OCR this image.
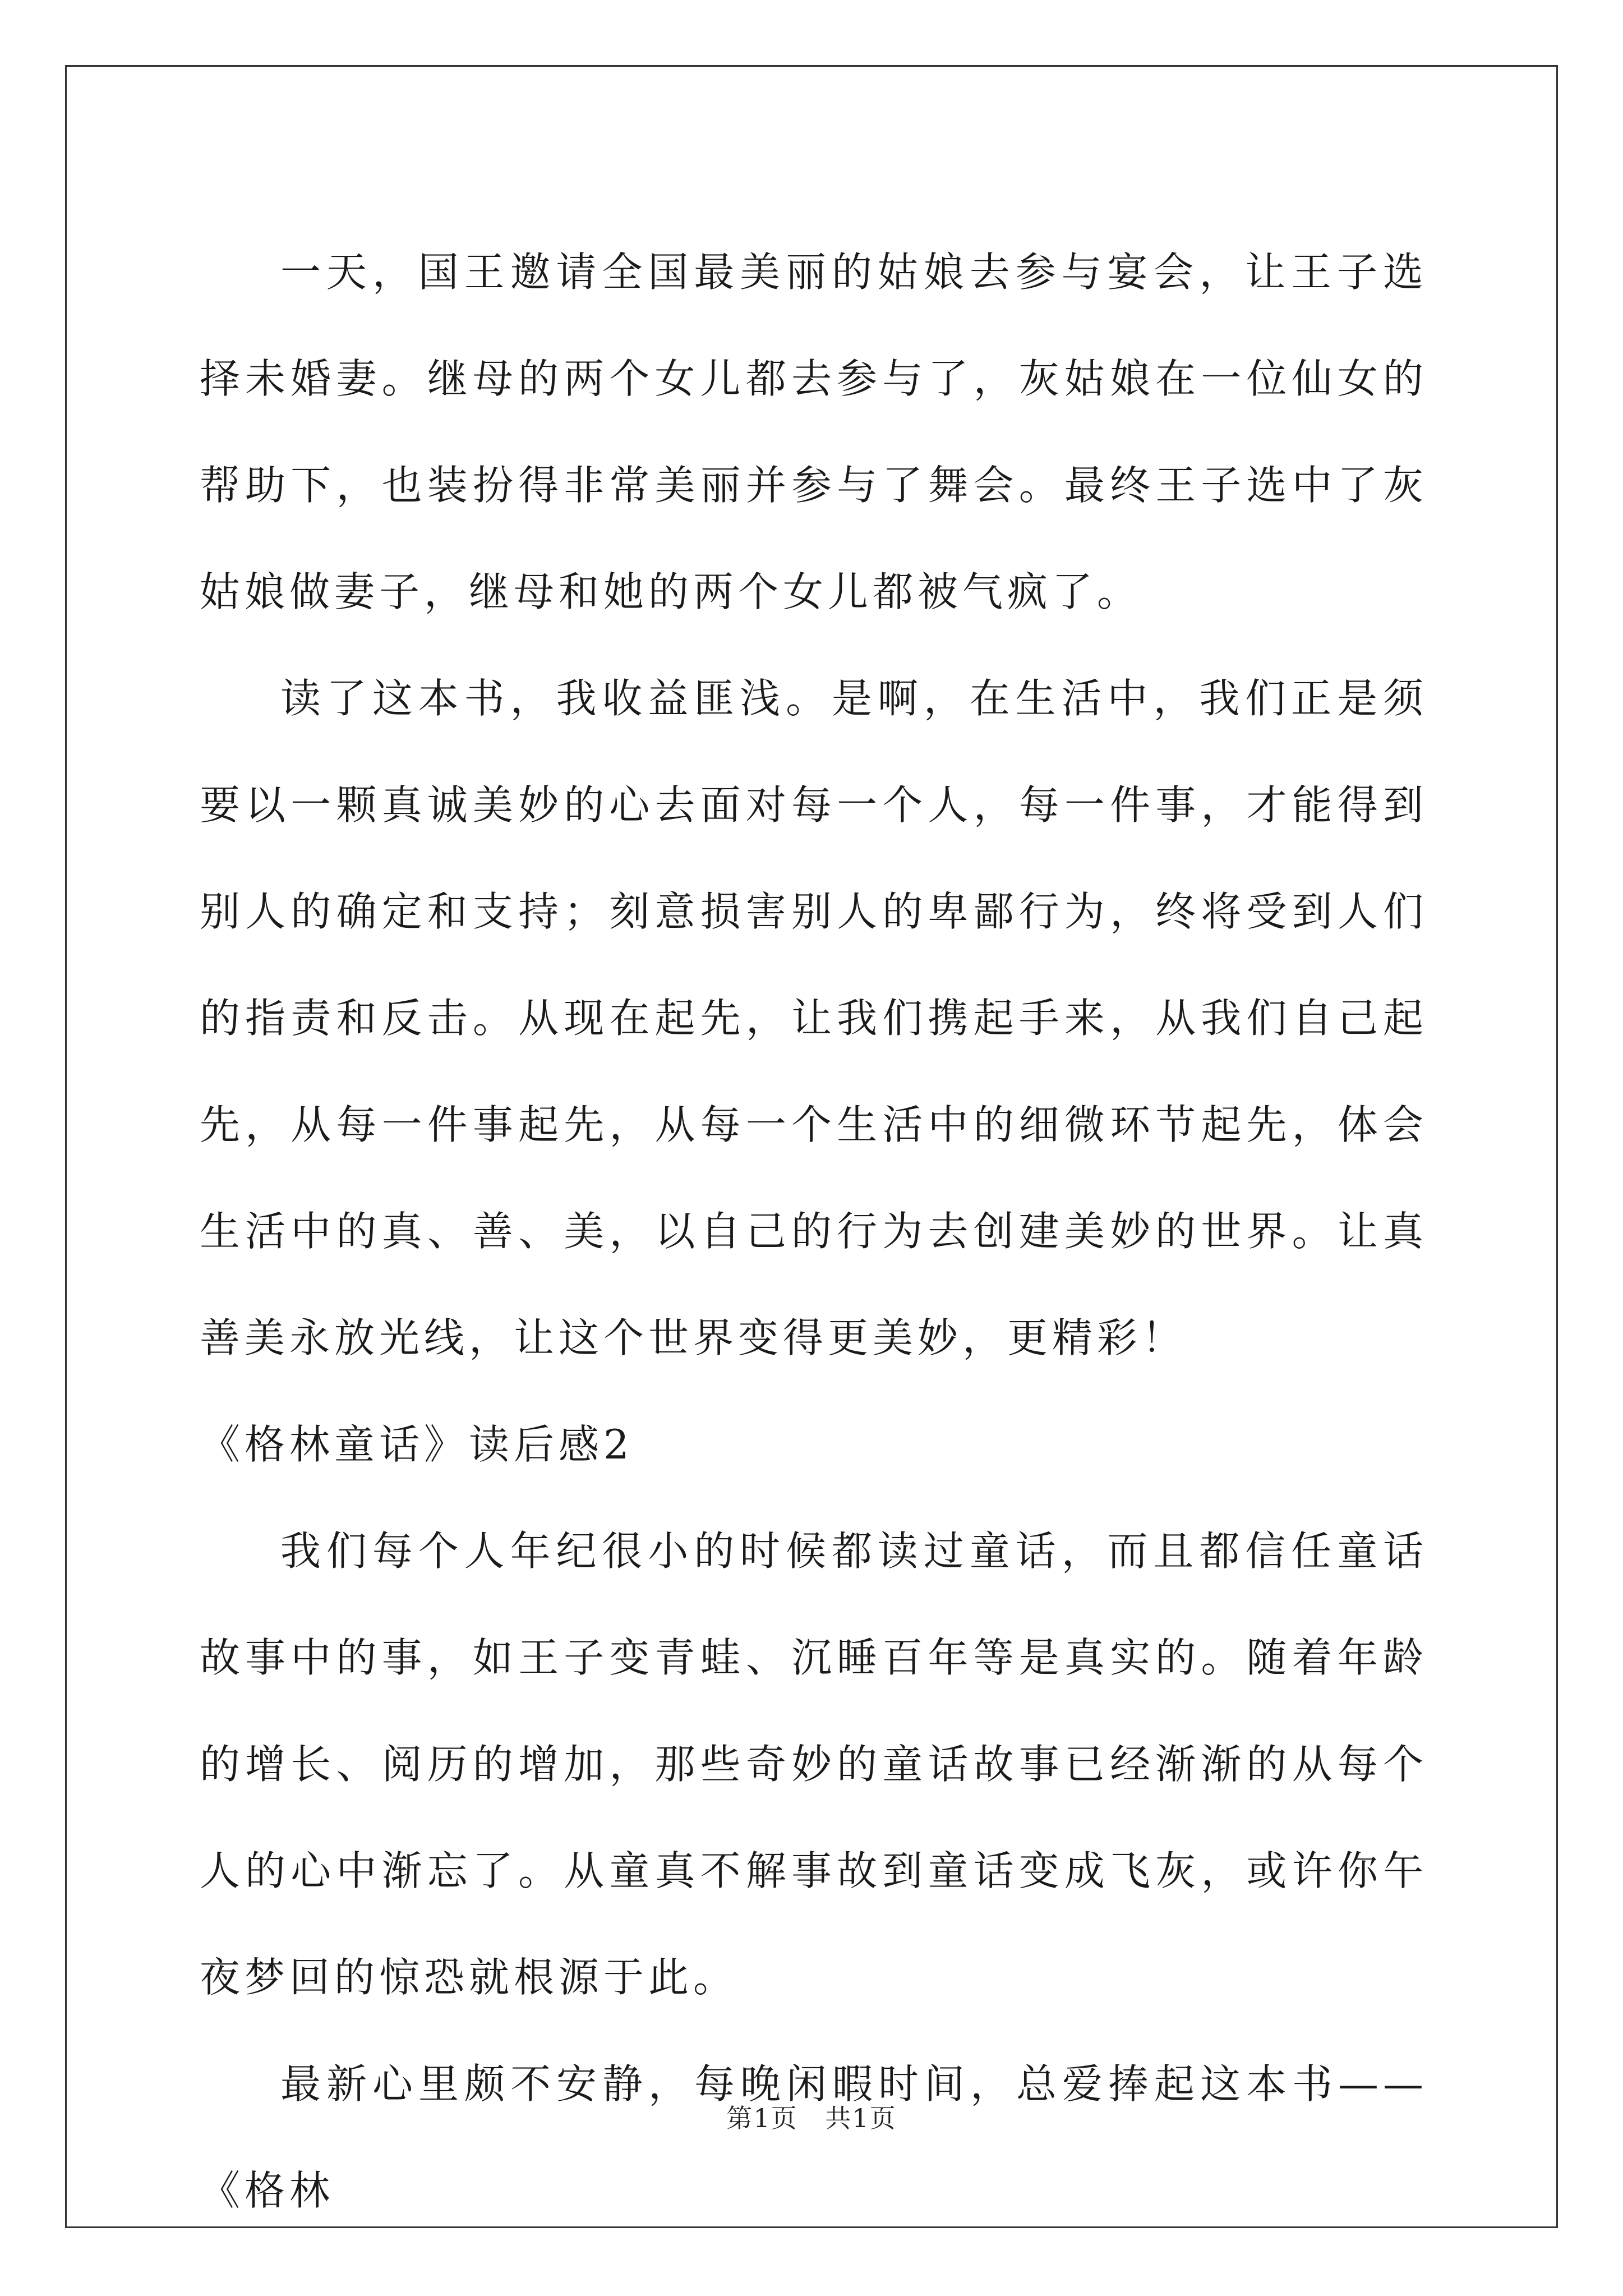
一天，国王邀请全国最美丽的姑娘去参与宴会，让王子选择未婚妻。继母的两个女儿都去参与了，灰姑娘在一位仙女的帮助下，也装扮得非常美丽并参与了舞会。最终王子选中了灰姑娘做妻子，继母和她的两个女儿都被气疯了。

读了这本书，我收益匪浅。是啊，在生活中，我们正是须要以一颗真诚美妙的心去面对每一个人，每一件事，才能得到别人的确定和支持；刻意损害别人的卑鄙行为，终将受到人们的指责和反击。从现在起先，让我们携起手来，从我们自己起先，从每一件事起先，从每一个生活中的细微环节起先，体会生活中的真、善、美，以自己的行为去创建美妙的世界。让真善美永放光线，让这个世界变得更美妙，更精彩！

《格林童话》读后感2

我们每个人年纪很小的时候都读过童话，而且都信任童话故事中的事，如王子变青蛙、沉睡百年等是真实的。随着年龄的增长、阅历的增加，那些奇妙的童话故事已经渐渐的从每个人的心中渐忘了。从童真不解事故到童话变成飞灰，或许你午夜梦回的惊恐就根源于此。

最新心里颇不安静，每晚闲暇时间，总爱捧起这本书——《格林

第1页 共1页
